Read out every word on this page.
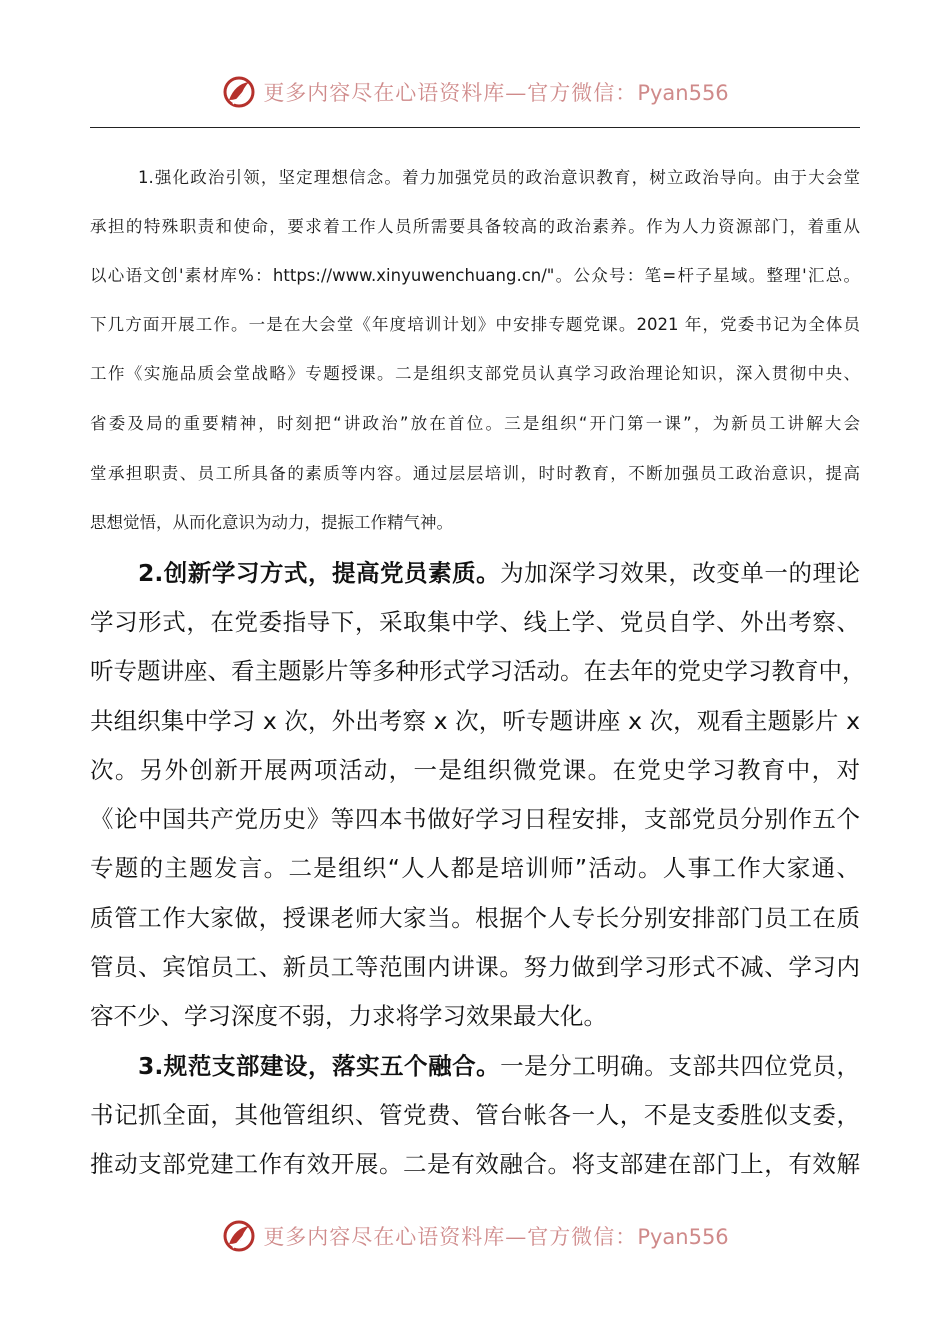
更多内容尽在心语资料库—官方微信：Pyan556
1.强化政治引领，坚定理想信念。着力加强党员的政治意识教育，树立政治导向。由于大会堂
承担的特殊职责和使命，要求着工作人员所需要具备较高的政治素养。作为人力资源部门，着重从
以心语文创'素材库%：https://www.xinyuwenchuang.cn/"。公众号：笔=杆子星域。整理'汇总。
下几方面开展工作。一是在大会堂《年度培训计划》中安排专题党课。2021 年，党委书记为全体员
工作《实施品质会堂战略》专题授课。二是组织支部党员认真学习政治理论知识，深入贯彻中央、
省委及局的重要精神，时刻把“讲政治”放在首位。三是组织“开门第一课”，为新员工讲解大会
堂承担职责、员工所具备的素质等内容。通过层层培训，时时教育，不断加强员工政治意识，提高
思想觉悟，从而化意识为动力，提振工作精气神。
2.创新学习方式，提高党员素质。为加深学习效果，改变单一的理论
学习形式，在党委指导下，采取集中学、线上学、党员自学、外出考察、
听专题讲座、看主题影片等多种形式学习活动。在去年的党史学习教育中，
共组织集中学习 x 次，外出考察 x 次，听专题讲座 x 次，观看主题影片 x
次。另外创新开展两项活动，一是组织微党课。在党史学习教育中，对
《论中国共产党历史》等四本书做好学习日程安排，支部党员分别作五个
专题的主题发言。二是组织“人人都是培训师”活动。人事工作大家通、
质管工作大家做，授课老师大家当。根据个人专长分别安排部门员工在质
管员、宾馆员工、新员工等范围内讲课。努力做到学习形式不减、学习内
容不少、学习深度不弱，力求将学习效果最大化。
3.规范支部建设，落实五个融合。一是分工明确。支部共四位党员，
书记抓全面，其他管组织、管党费、管台帐各一人，不是支委胜似支委，
推动支部党建工作有效开展。二是有效融合。将支部建在部门上，有效解
更多内容尽在心语资料库—官方微信：Pyan556
